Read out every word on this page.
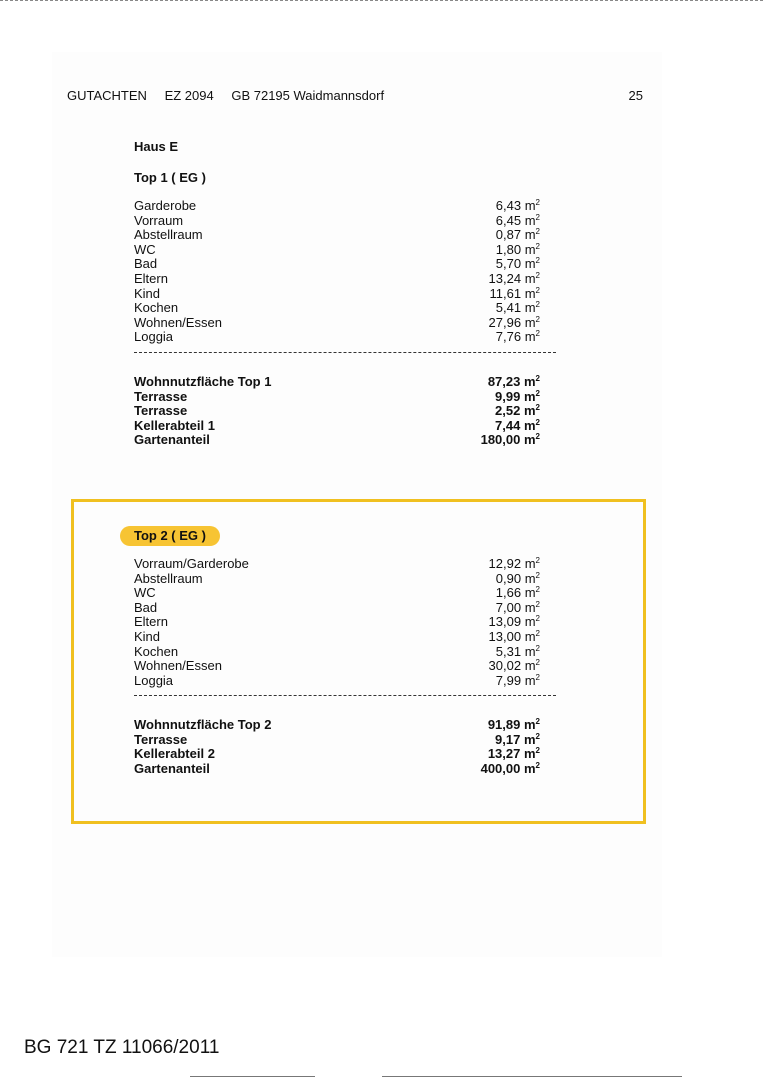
GUTACHTEN EZ 2094 GB 72195 Waidmannsdorf	25
Haus E
Top 1 ( EG )
Garderobe	6,43 $m^2$
Vorraum	6,45 $m^2$
Abstellraum	0,87 $m^2$
WC	1,80 $m^2$
Bad	5,70 $m^2$
Eltern	13,24 $m^2$
Kind	11,61 $m^2$
Kochen	5,41 $m^2$
Wohnen/Essen	27,96 $m^2$
Loggia	7,76 $m^2$
Wohnnutzfläche Top 1	87,23 $m^2$
Terrasse	9,99 $m^2$
Terrasse	2,52 $m^2$
Kellerabteil 1	7,44 $m^2$
Gartenanteil	180,00 $m^2$
Top 2 ( EG )
Vorraum/Garderobe	12,92 $m^2$
Abstellraum	0,90 $m^2$
WC	1,66 $m^2$
Bad	7,00 $m^2$
Eltern	13,09 $m^2$
Kind	13,00 $m^2$
Kochen	5,31 $m^2$
Wohnen/Essen	30,02 $m^2$
Loggia	7,99 $m^2$
Wohnnutzfläche Top 2	91,89 $m^2$
Terrasse	9,17 $m^2$
Kellerabteil 2	13,27 $m^2$
Gartenanteil	400,00 $m^2$
BG 721 TZ 11066/2011
